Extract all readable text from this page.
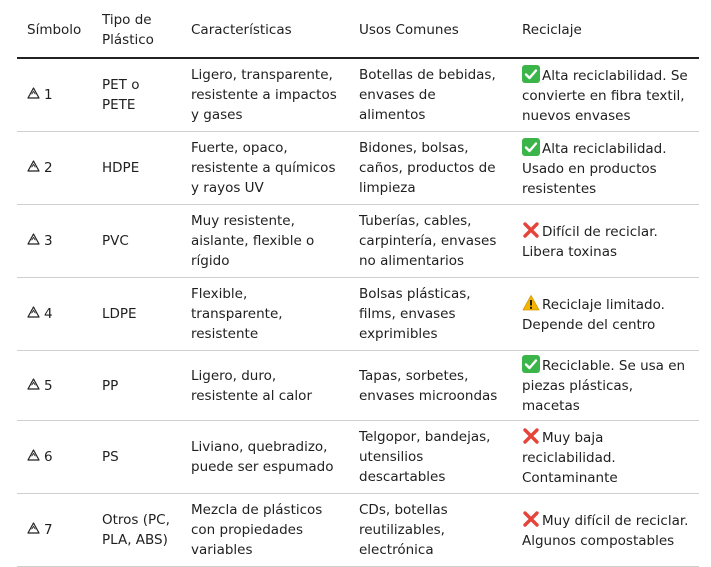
Símbolo	Tipo de Plástico	Características	Usos Comunes	Reciclaje

1	PET o PETE	Ligero, transparente, resistente a impactos y gases	Botellas de bebidas, envases de alimentos	Alta reciclabilidad. Se convierte en fibra textil, nuevos envases

2	HDPE	Fuerte, opaco, resistente a químicos y rayos UV	Bidones, bolsas, caños, productos de limpieza	Alta reciclabilidad. Usado en productos resistentes

3	PVC	Muy resistente, aislante, flexible o rígido	Tuberías, cables, carpintería, envases no alimentarios	Difícil de reciclar. Libera toxinas

4	LDPE	Flexible, transparente, resistente	Bolsas plásticas, films, envases exprimibles	Reciclaje limitado. Depende del centro

5	PP	Ligero, duro, resistente al calor	Tapas, sorbetes, envases microondas	Reciclable. Se usa en piezas plásticas, macetas

6	PS	Liviano, quebradizo, puede ser espumado	Telgopor, bandejas, utensilios descartables	Muy baja reciclabilidad. Contaminante

7	Otros (PC, PLA, ABS)	Mezcla de plásticos con propiedades variables	CDs, botellas reutilizables, electrónica	Muy difícil de reciclar. Algunos compostables
